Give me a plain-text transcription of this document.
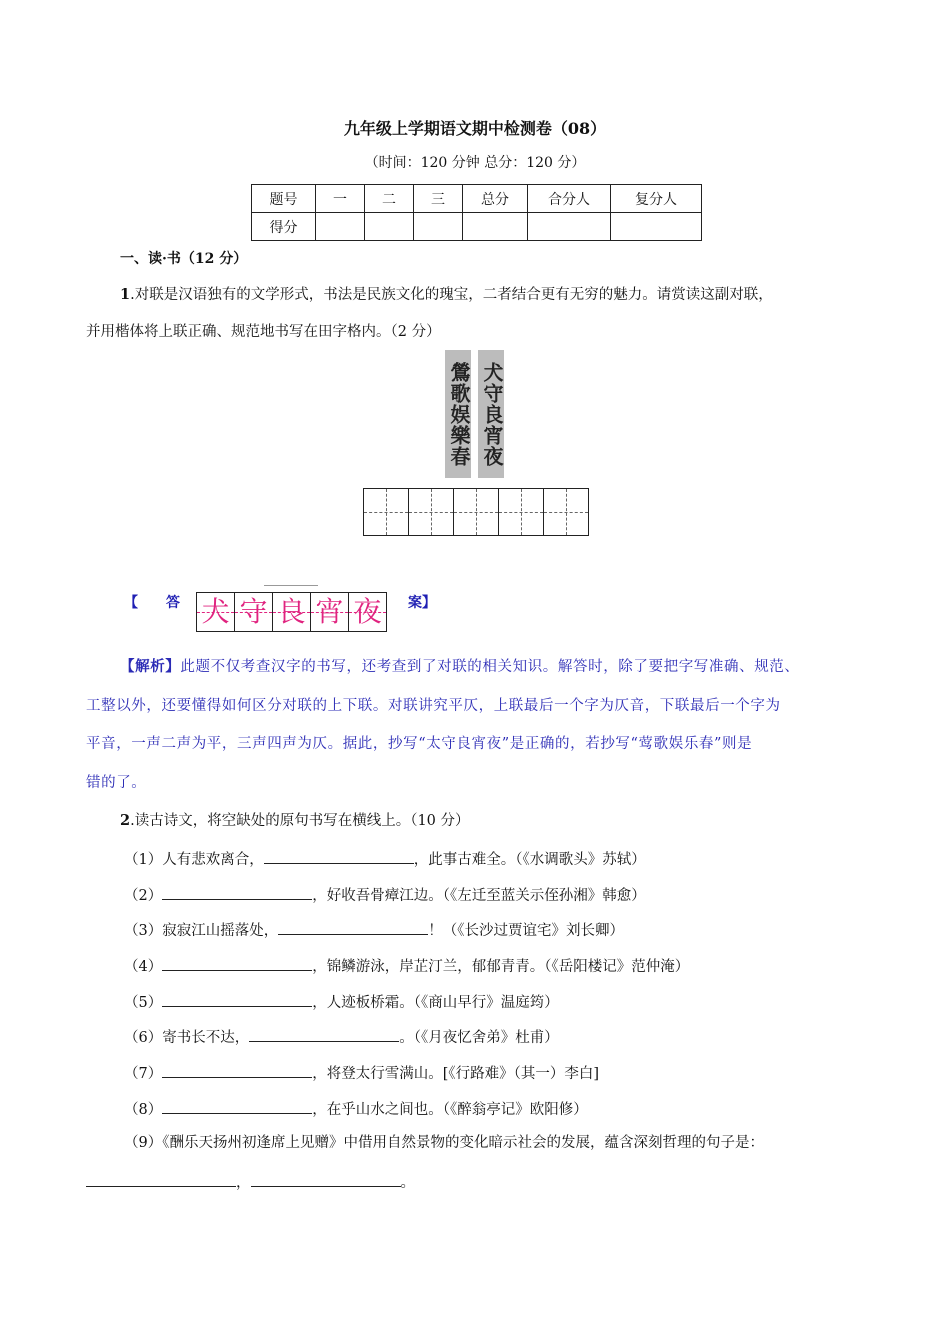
九年级上学期语文期中检测卷（08）
（时间：120 分钟 总分：120 分）
题号	一	二	三	总分	合分人	复分人
得分						
一、读·书（12 分）
1.对联是汉语独有的文学形式，书法是民族文化的瑰宝，二者结合更有无穷的魅力。请赏读这副对联，
并用楷体将上联正确、规范地书写在田字格内。（2 分）
鶯歌娱樂春 犬守良宵夜
【 答 犬 守 良 宵 夜	案】
【解析】此题不仅考查汉字的书写，还考查到了对联的相关知识。解答时，除了要把字写准确、规范、
工整以外，还要懂得如何区分对联的上下联。对联讲究平仄，上联最后一个字为仄音，下联最后一个字为
平音，一声二声为平，三声四声为仄。据此，抄写“太守良宵夜”是正确的，若抄写“莺歌娱乐春”则是
错的了。
2.读古诗文，将空缺处的原句书写在横线上。（10 分）
（1）人有悲欢离合，	，此事古难全。（《水调歌头》苏轼）
（2）	，好收吾骨瘴江边。（《左迁至蓝关示侄孙湘》韩愈）
（3）寂寂江山摇落处，	！（《长沙过贾谊宅》刘长卿）
（4）	，锦鳞游泳，岸芷汀兰，郁郁青青。（《岳阳楼记》范仲淹）
（5）	，人迹板桥霜。（《商山早行》温庭筠）
（6）寄书长不达，	。（《月夜忆舍弟》杜甫）
（7）	，将登太行雪满山。[《行路难》（其一）李白]
（8）	，在乎山水之间也。（《醉翁亭记》欧阳修）
（9）《酬乐天扬州初逢席上见赠》中借用自然景物的变化暗示社会的发展，蕴含深刻哲理的句子是：
，	。
